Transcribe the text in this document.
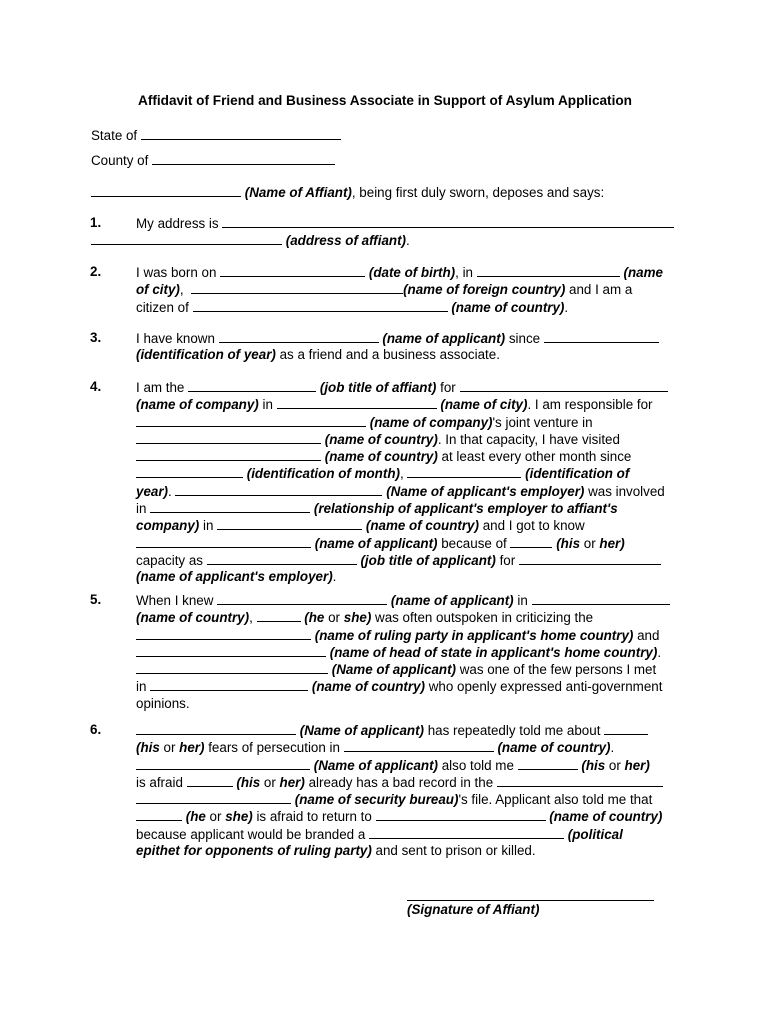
Affidavit of Friend and Business Associate in Support of Asylum Application
State of
County of
(Name of Affiant), being first duly sworn, deposes and says:
1.	My address is
(address of affiant).
2.	I was born on	(date of birth), in	(name
of city),	(name of foreign country) and I am a
citizen of	(name of country).
3.	I have known	(name of applicant) since
(identification of year) as a friend and a business associate.
4.	I am the	(job title of affiant) for
(name of company) in	(name of city). I am responsible for
(name of company)'s joint venture in
(name of country). In that capacity, I have visited
(name of country) at least every other month since
(identification of month),	(identification of
year).	(Name of applicant's employer) was involved
in	(relationship of applicant's employer to affiant's
company) in	(name of country) and I got to know
(name of applicant) because of	(his or her)
capacity as	(job title of applicant) for
(name of applicant's employer).
5.	When I knew	(name of applicant) in
(name of country),	(he or she) was often outspoken in criticizing the
(name of ruling party in applicant's home country) and
(name of head of state in applicant's home country).
(Name of applicant) was one of the few persons I met
in	(name of country) who openly expressed anti-government
opinions.
6.	(Name of applicant) has repeatedly told me about
(his or her) fears of persecution in	(name of country).
(Name of applicant) also told me	(his or her)
is afraid	(his or her) already has a bad record in the
(name of security bureau)'s file. Applicant also told me that
(he or she) is afraid to return to	(name of country)
because applicant would be branded a	(political
epithet for opponents of ruling party) and sent to prison or killed.
(Signature of Affiant)
